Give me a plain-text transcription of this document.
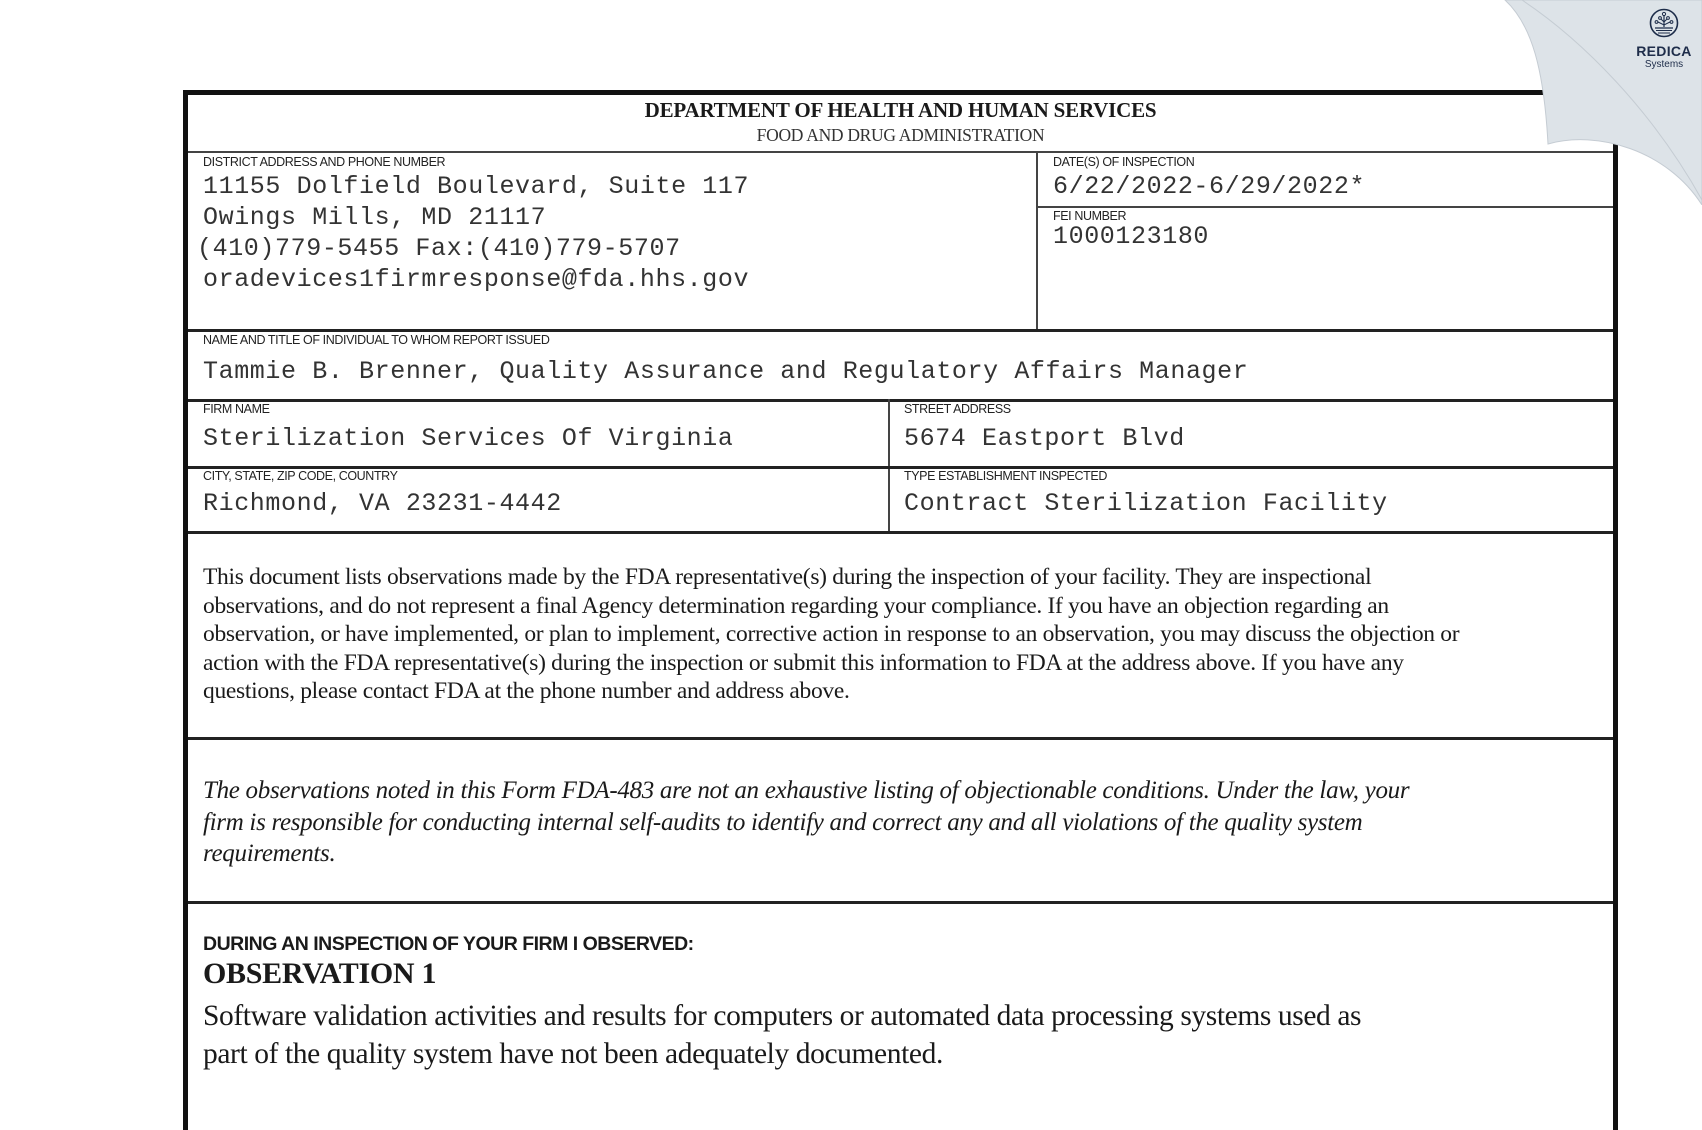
DEPARTMENT OF HEALTH AND HUMAN SERVICES
FOOD AND DRUG ADMINISTRATION
DISTRICT ADDRESS AND PHONE NUMBER
11155 Dolfield Boulevard, Suite 117
Owings Mills, MD 21117
(410)779-5455 Fax:(410)779-5707
oradevices1firmresponse@fda.hhs.gov
DATE(S) OF INSPECTION
6/22/2022-6/29/2022*
FEI NUMBER
1000123180
NAME AND TITLE OF INDIVIDUAL TO WHOM REPORT ISSUED
Tammie B. Brenner, Quality Assurance and Regulatory Affairs Manager
FIRM NAME
Sterilization Services Of Virginia
STREET ADDRESS
5674 Eastport Blvd
CITY, STATE, ZIP CODE, COUNTRY
Richmond, VA 23231-4442
TYPE ESTABLISHMENT INSPECTED
Contract Sterilization Facility
This document lists observations made by the FDA representative(s) during the inspection of your facility. They are inspectional
observations, and do not represent a final Agency determination regarding your compliance. If you have an objection regarding an
observation, or have implemented, or plan to implement, corrective action in response to an observation, you may discuss the objection or
action with the FDA representative(s) during the inspection or submit this information to FDA at the address above. If you have any
questions, please contact FDA at the phone number and address above.
The observations noted in this Form FDA-483 are not an exhaustive listing of objectionable conditions. Under the law, your
firm is responsible for conducting internal self-audits to identify and correct any and all violations of the quality system
requirements.
DURING AN INSPECTION OF YOUR FIRM I OBSERVED:
OBSERVATION 1
Software validation activities and results for computers or automated data processing systems used as
part of the quality system have not been adequately documented.
REDICA
Systems
